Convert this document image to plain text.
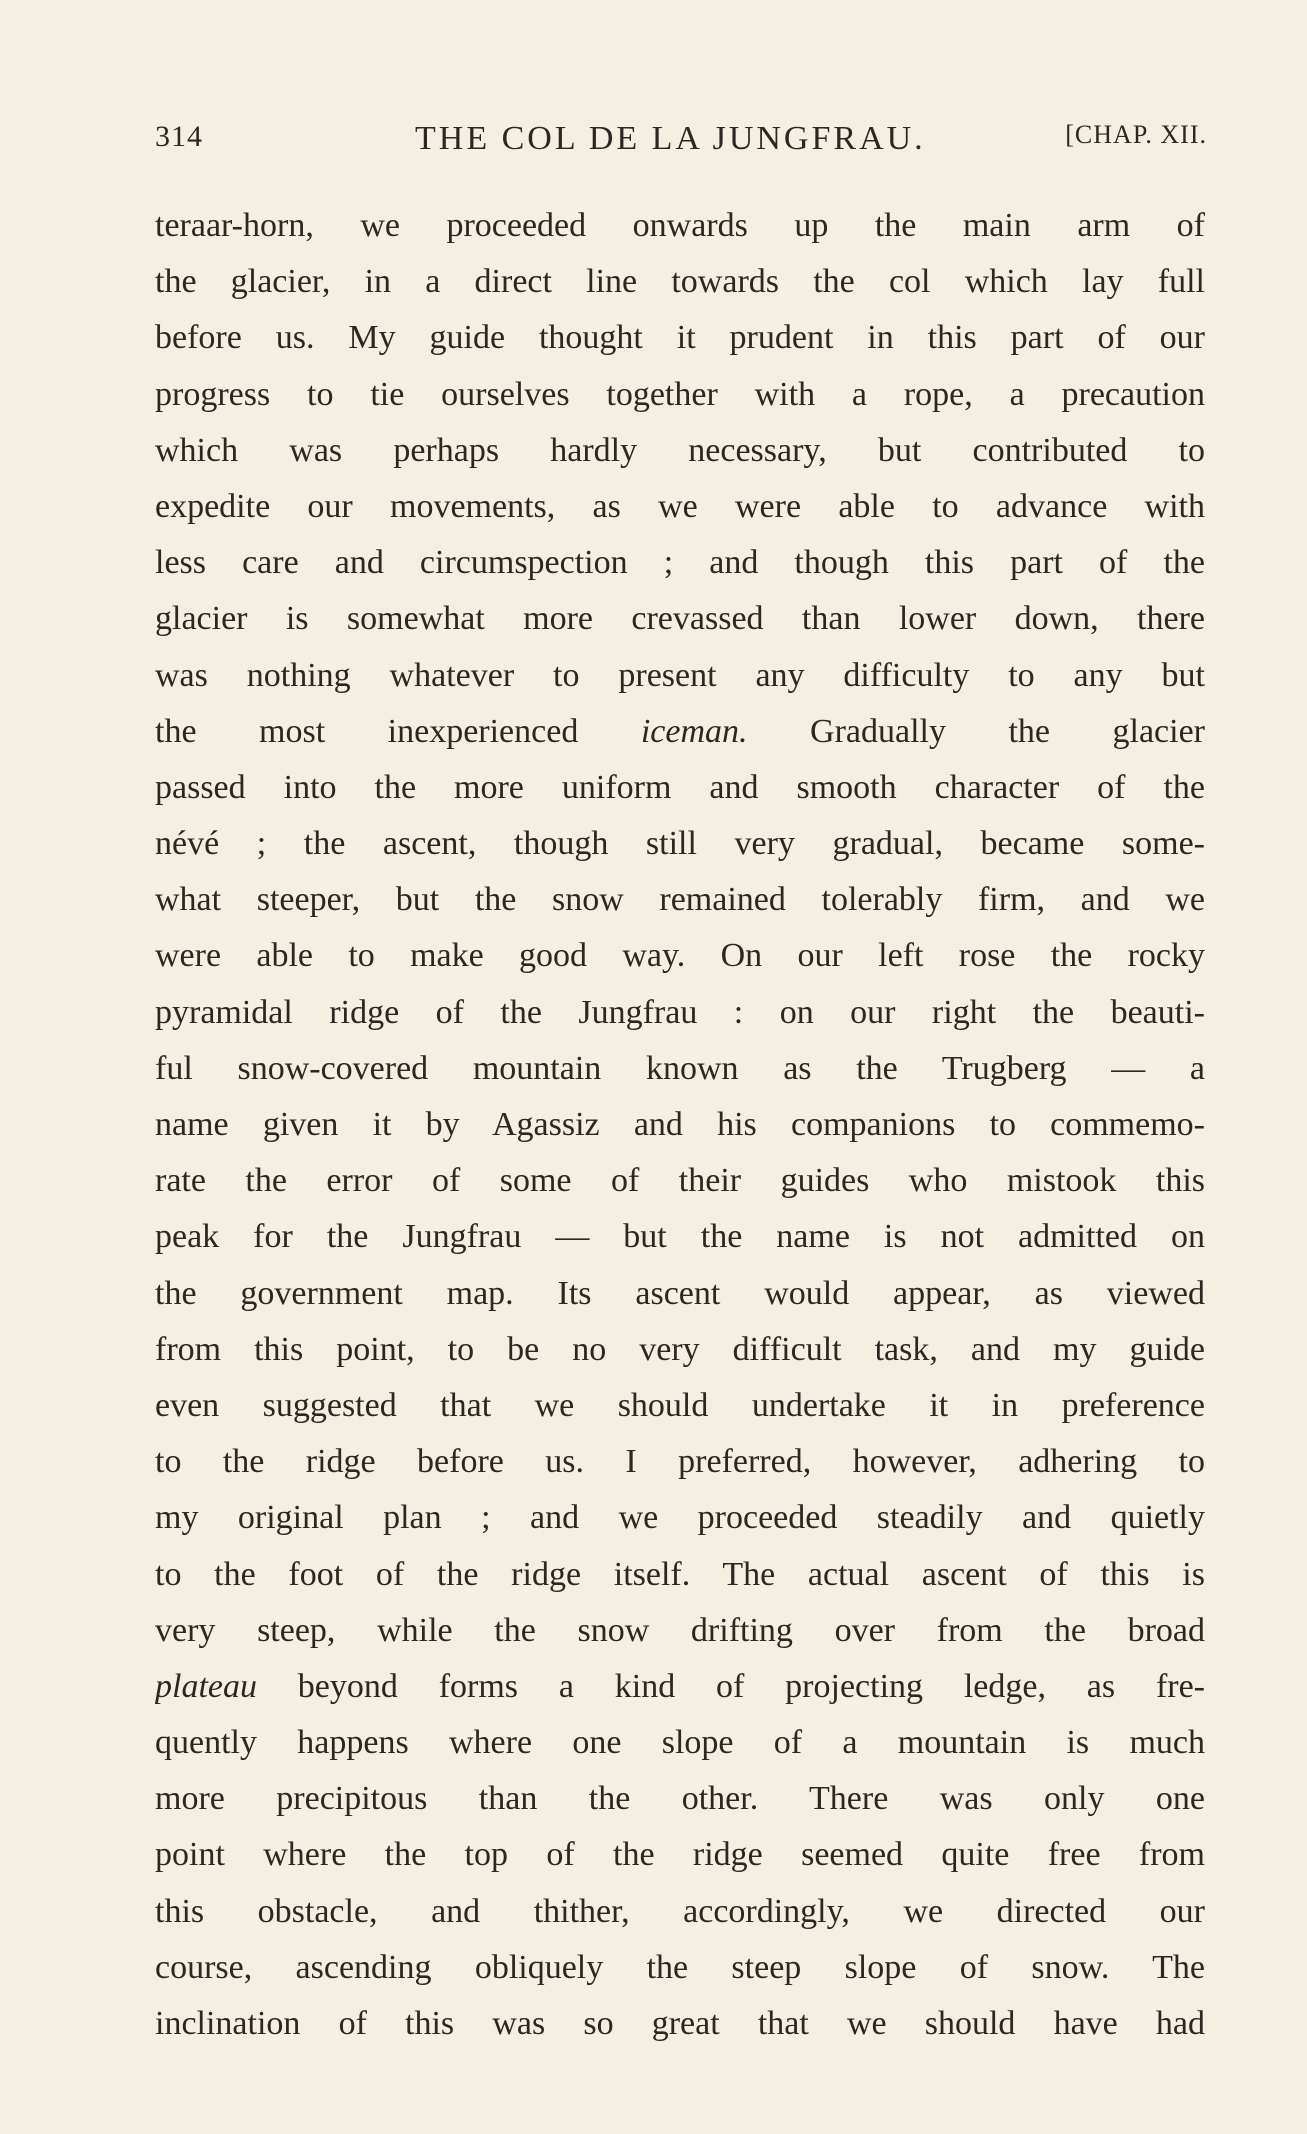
314	THE COL DE LA JUNGFRAU.	[CHAP. XII.
teraar-horn, we proceeded onwards up the main arm of
the glacier, in a direct line towards the col which lay full
before us. My guide thought it prudent in this part of our
progress to tie ourselves together with a rope, a precaution
which was perhaps hardly necessary, but contributed to
expedite our movements, as we were able to advance with
less care and circumspection ; and though this part of the
glacier is somewhat more crevassed than lower down, there
was nothing whatever to present any difficulty to any but
the most inexperienced iceman. Gradually the glacier
passed into the more uniform and smooth character of the
névé ; the ascent, though still very gradual, became some-
what steeper, but the snow remained tolerably firm, and we
were able to make good way. On our left rose the rocky
pyramidal ridge of the Jungfrau : on our right the beauti-
ful snow-covered mountain known as the Trugberg — a
name given it by Agassiz and his companions to commemo-
rate the error of some of their guides who mistook this
peak for the Jungfrau — but the name is not admitted on
the government map. Its ascent would appear, as viewed
from this point, to be no very difficult task, and my guide
even suggested that we should undertake it in preference
to the ridge before us. I preferred, however, adhering to
my original plan ; and we proceeded steadily and quietly
to the foot of the ridge itself. The actual ascent of this is
very steep, while the snow drifting over from the broad
plateau beyond forms a kind of projecting ledge, as fre-
quently happens where one slope of a mountain is much
more precipitous than the other. There was only one
point where the top of the ridge seemed quite free from
this obstacle, and thither, accordingly, we directed our
course, ascending obliquely the steep slope of snow. The
inclination of this was so great that we should have had
